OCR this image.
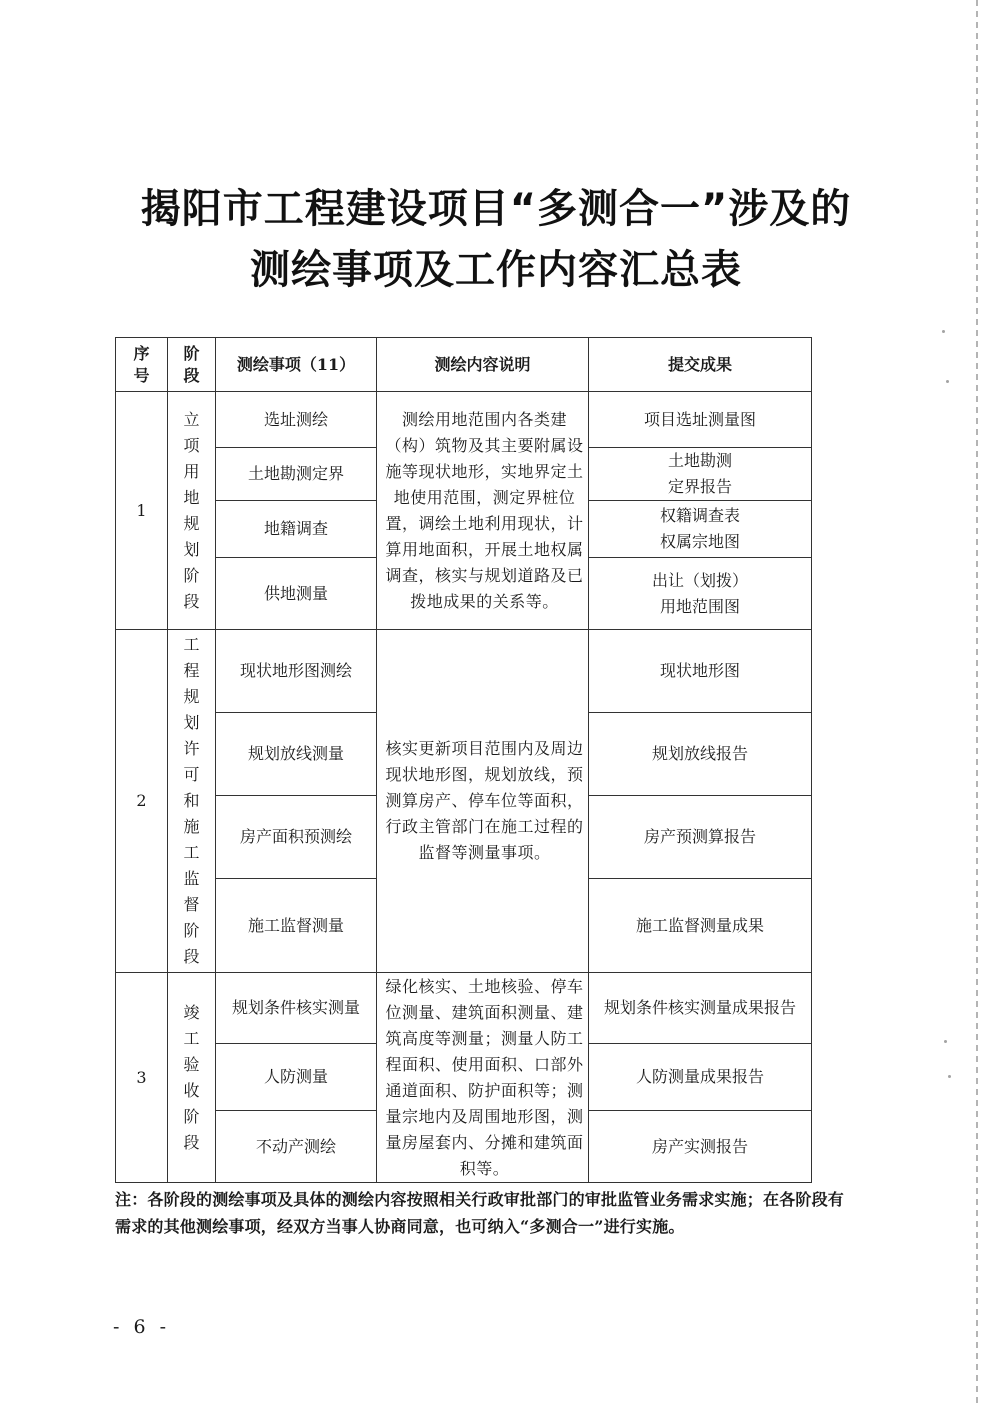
揭阳市工程建设项目“多测合一”涉及的
测绘事项及工作内容汇总表
序号	阶段	测绘事项（11）	测绘内容说明	提交成果
1	立项用地规划阶段	选址测绘	测绘用地范围内各类建（构）筑物及其主要附属设施等现状地形，实地界定土地使用范围，测定界桩位置，调绘土地利用现状，计算用地面积，开展土地权属调查，核实与规划道路及已拨地成果的关系等。	项目选址测量图
		土地勘测定界		土地勘测
定界报告
		地籍调查		权籍调查表
权属宗地图
		供地测量		出让（划拨）
用地范围图
2	工程规划许可和施工监督阶段	现状地形图测绘	核实更新项目范围内及周边现状地形图，规划放线，预测算房产、停车位等面积，行政主管部门在施工过程的监督等测量事项。	现状地形图
		规划放线测量		规划放线报告
		房产面积预测绘		房产预测算报告
		施工监督测量		施工监督测量成果
3	竣工验收阶段	规划条件核实测量	绿化核实、土地核验、停车位测量、建筑面积测量、建筑高度等测量；测量人防工程面积、使用面积、口部外通道面积、防护面积等；测量宗地内及周围地形图，测量房屋套内、分摊和建筑面积等。	规划条件核实测量成果报告
		人防测量		人防测量成果报告
		不动产测绘		房产实测报告
注：各阶段的测绘事项及具体的测绘内容按照相关行政审批部门的审批监管业务需求实施；在各阶段有需求的其他测绘事项，经双方当事人协商同意，也可纳入“多测合一”进行实施。
- 6 -
